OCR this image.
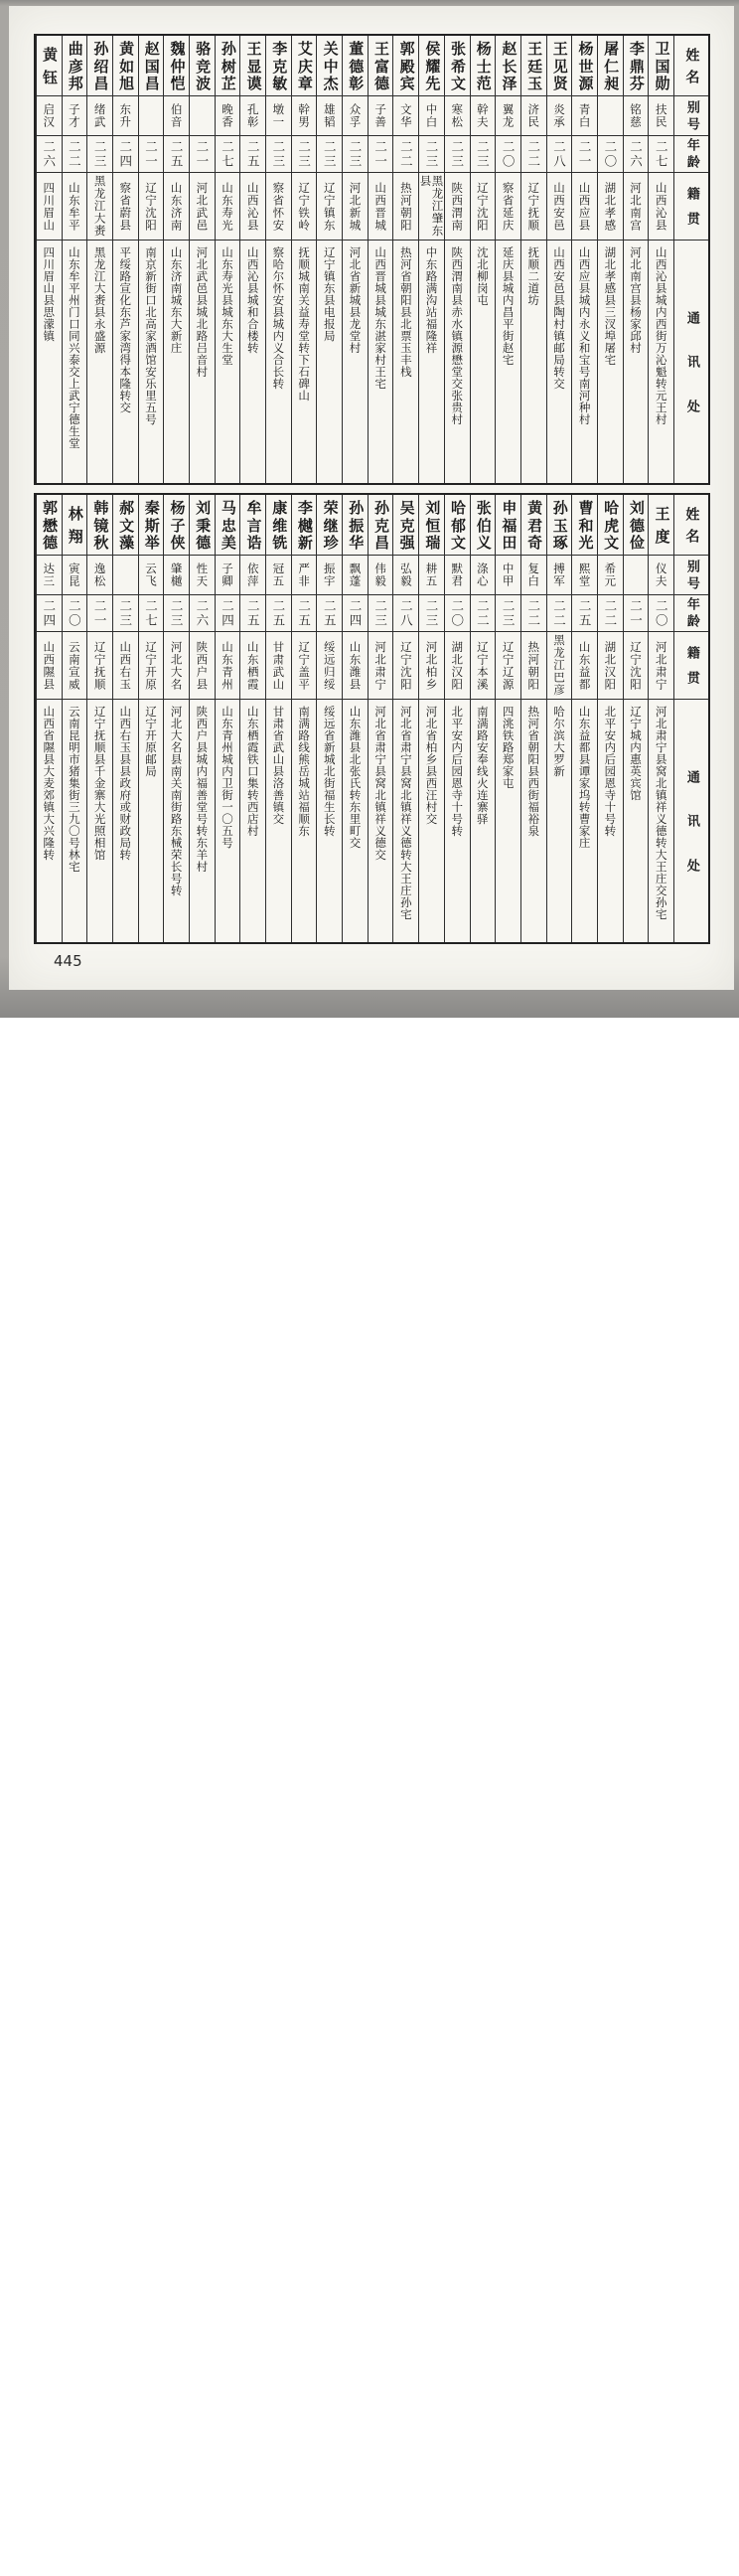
姓
名
别
号
年
龄
籍
贯
通
讯
处
卫
国
勋
扶民
二七
山西沁县
山西沁县城内西街万沁魁转元王村
李
鼎
芬
铭慈
二六
河北南宫
河北南宫县杨家邱村
屠
仁
昶
二〇
湖北孝感
湖北孝感县三汊埠屠宅
杨
世
源
青白
二一
山西应县
山西应县城内永义和宝号南河种村
王
见
贤
炎承
二八
山西安邑
山西安邑县陶村镇邮局转交
王
廷
玉
济民
二二
辽宁抚顺
抚顺二道坊
赵
长
泽
翼龙
二〇
察省延庆
延庆县城内昌平街赵宅
杨
士
范
幹夫
二三
辽宁沈阳
沈北柳岗屯
张
希
文
寒松
二三
陕西渭南
陕西渭南县赤水镇源懋堂交张贵村
侯
耀
先
中白
二三
黑龙江肇东县
中东路满沟站福隆祥
郭
殿
宾
文华
二二
热河朝阳
热河省朝阳县北票玉丰栈
王
富
德
子善
二一
山西晋城
山西晋城县城东湛家村王宅
董
德
彰
众孚
二三
河北新城
河北省新城县龙堂村
关
中
杰
雄韬
二三
辽宁镇东
辽宁镇东县电报局
艾
庆
章
幹男
二三
辽宁铁岭
抚顺城南关益寿堂转下石碑山
李
克
敏
墩一
二三
察省怀安
察哈尔怀安县城内义合长转
王
显
谟
孔彰
二五
山西沁县
山西沁县城和合楼转
孙
树
芷
晚香
二七
山东寿光
山东寿光县城东大生堂
骆
竞
波
二一
河北武邑
河北武邑县城北路吕音村
魏
仲
恺
伯音
二五
山东济南
山东济南城东大新庄
赵
国
昌
二一
辽宁沈阳
南京新街口北高家酒馆安乐里五号
黄
如
旭
东升
二四
察省蔚县
平绥路宣化东芦家湾得本隆转交
孙
绍
昌
绪武
二三
黑龙江大赉
黑龙江大赉县永盛源
曲
彦
邦
子才
二二
山东牟平
山东牟平州门口同兴泰交上武宁德生堂
黄
钰
启汉
二六
四川眉山
四川眉山县思濛镇
姓
名
别
号
年
龄
籍
贯
通
讯
处
王
度
仪夫
二〇
河北肃宁
河北肃宁县窝北镇祥义德转大王庄交孙宅
刘
德
俭
二一
辽宁沈阳
辽宁城内惠英宾馆
哈
虎
文
希元
二二
湖北汉阳
北平安内后园恩寺十号转
曹
和
光
熙堂
二五
山东益都
山东益都县谭家坞转曹家庄
孙
玉
琢
搏军
二二
黑龙江巴彦
哈尔滨大罗新
黄
君
奇
复白
二二
热河朝阳
热河省朝阳县西街福裕泉
申
福
田
中甲
二三
辽宁辽源
四洮铁路郑家屯
张
伯
义
涤心
二二
辽宁本溪
南满路安奉线火连寨驿
哈
郁
文
默君
二〇
湖北汉阳
北平安内后园恩寺十号转
刘
恒
瑞
耕五
二三
河北柏乡
河北省柏乡县西汪村交
吴
克
强
弘毅
二八
辽宁沈阳
河北省肃宁县窝北镇祥义德转大王庄孙宅
孙
克
昌
伟毅
二三
河北肃宁
河北省肃宁县窝北镇祥义德交
孙
振
华
飘蓬
二四
山东潍县
山东潍县北张氏转东里町交
荣
继
珍
振宇
二五
绥远归绥
绥远省新城北街福生长转
李
樾
新
严非
二五
辽宁盖平
南满路线熊岳城站福顺东
康
维
铣
冠五
二五
甘肃武山
甘肃省武山县洛善镇交
牟
言
诰
依萍
二五
山东栖霞
山东栖霞铁口集转西店村
马
忠
美
子卿
二四
山东青州
山东青州城内卫街一〇五号
刘
秉
德
性天
二六
陕西户县
陕西户县城内福善堂号转东羊村
杨
子
侠
肇樾
二三
河北大名
河北大名县南关南街路东械荣长号转
秦
斯
举
云飞
二七
辽宁开原
辽宁开原邮局
郝
文
藻
二三
山西右玉
山西右玉县县政府或财政局转
韩
镜
秋
逸松
二一
辽宁抚顺
辽宁抚顺县千金寨大光照相馆
林
翔
寅昆
二〇
云南宣威
云南昆明市猪集街三九〇号林宅
郭
懋
德
达三
二四
山西隰县
山西省隰县大麦郊镇大兴隆转
445
